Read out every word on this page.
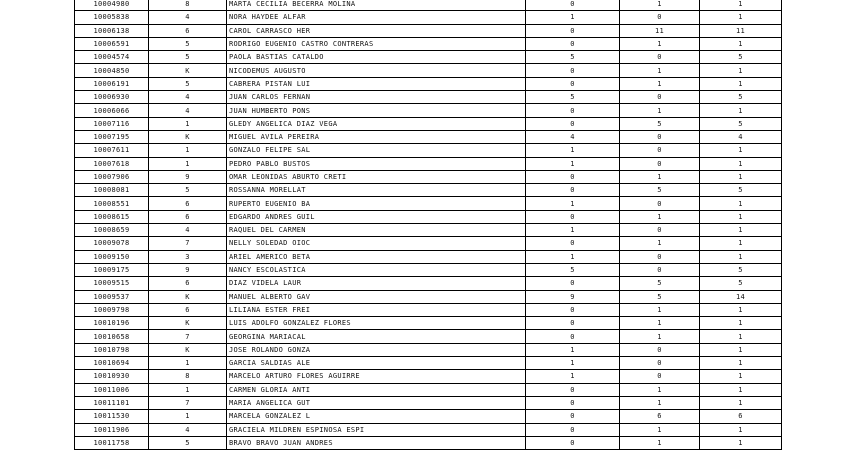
10004980	8	MARTA CECILIA BECERRA MOLINA	0	1	1
10005838	4	NORA HAYDEE ALFAR	1	0	1
10006138	6	CAROL CARRASCO HER	0	11	11
10006591	5	RODRIGO EUGENIO CASTRO CONTRERAS	0	1	1
10004574	5	PAOLA BASTIAS CATALDO	5	0	5
10004850	K	NICODEMUS AUGUSTO	0	1	1
10006191	5	CABRERA PISTAN LUI	0	1	1
10006930	4	JUAN CARLOS FERNAN	5	0	5
10006066	4	JUAN HUMBERTO PONS	0	1	1
10007116	1	GLEDY ANGELICA DIAZ VEGA	0	5	5
10007195	K	MIGUEL AVILA PEREIRA	4	0	4
10007611	1	GONZALO FELIPE SAL	1	0	1
10007618	1	PEDRO PABLO BUSTOS	1	0	1
10007906	9	OMAR LEONIDAS ABURTO CRETI	0	1	1
10008081	5	ROSSANNA MORELLAT	0	5	5
10008551	6	RUPERTO EUGENIO BA	1	0	1
10008615	6	EDGARDO ANDRES GUIL	0	1	1
10008659	4	RAQUEL DEL CARMEN	1	0	1
10009078	7	NELLY SOLEDAD OIOC	0	1	1
10009150	3	ARIEL AMERICO BETA	1	0	1
10009175	9	NANCY ESCOLASTICA	5	0	5
10009515	6	DIAZ VIDELA LAUR	0	5	5
10009537	K	MANUEL ALBERTO GAV	9	5	14
10009798	6	LILIANA ESTER FREI	0	1	1
10010196	K	LUIS ADOLFO GONZALEZ FLORES	0	1	1
10010658	7	GEORGINA MARIACAL	0	1	1
10010798	K	JOSE ROLANDO GONZA	1	0	1
10010694	1	GARCIA SALDIAS ALE	1	0	1
10010930	8	MARCELO ARTURO FLORES AGUIRRE	1	0	1
10011006	1	CARMEN GLORIA ANTI	0	1	1
10011101	7	MARIA ANGELICA GUT	0	1	1
10011530	1	MARCELA GONZALEZ L	0	6	6
10011906	4	GRACIELA MILDREN ESPINOSA ESPI	0	1	1
10011758	5	BRAVO BRAVO JUAN ANDRES	0	1	1
